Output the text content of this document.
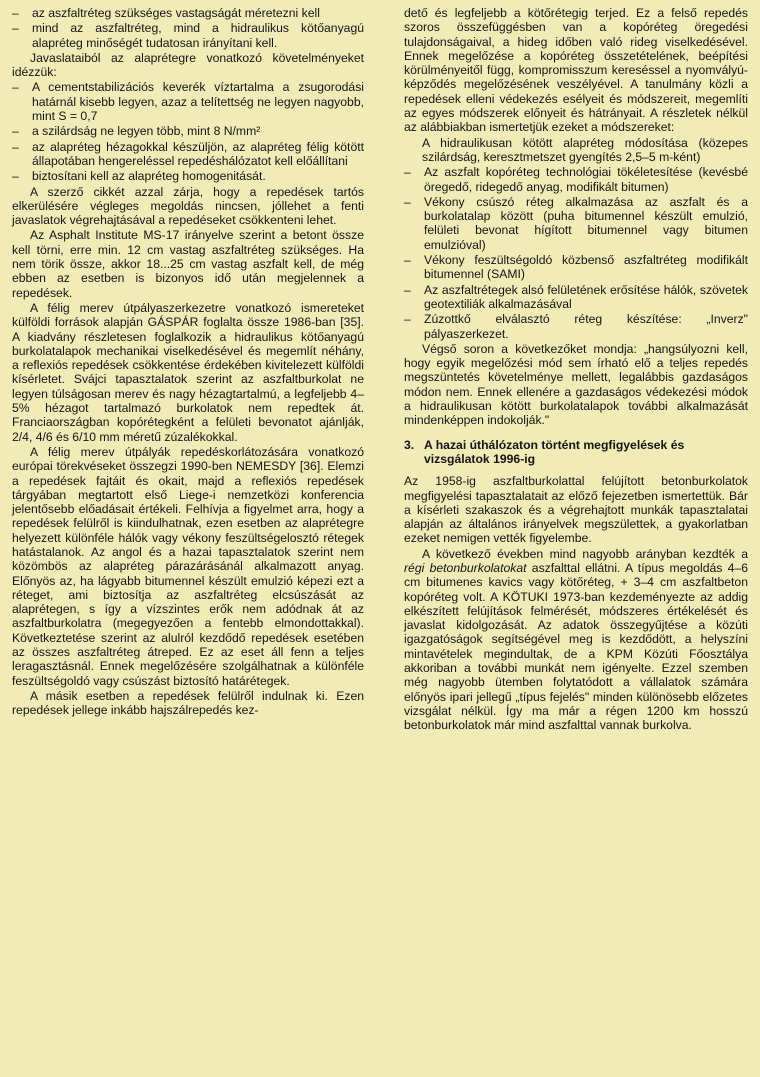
– az aszfaltréteg szükséges vastagságát méretezni kell
– mind az aszfaltréteg, mind a hidraulikus kötőanyagú alapréteg minőségét tudatosan irányítani kell.

Javaslataiból az alaprétegre vonatkozó követelményeket idézzük:

– A cementstabilizációs keverék víztartalma a zsugorodási határnál kisebb legyen, azaz a telítettség ne legyen nagyobb, mint S = 0,7
– a szilárdság ne legyen több, mint 8 N/mm²
– az alapréteg hézagokkal készüljön, az alapréteg félig kötött állapotában hengereléssel repedéshálózatot kell előállítani
– biztosítani kell az alapréteg homogenitását.

A szerző cikkét azzal zárja, hogy a repedések tartós elkerülésére végleges megoldás nincsen, jóllehet a fenti javaslatok végrehajtásával a repedéseket csökkenteni lehet.

Az Asphalt Institute MS-17 irányelve szerint a betont össze kell törni, erre min. 12 cm vastag aszfaltréteg szükséges. Ha nem törik össze, akkor 18...25 cm vastag aszfalt kell, de még ebben az esetben is bizonyos idő után megjelennek a repedések.

A félig merev útpályaszerkezetre vonatkozó ismereteket külföldi források alapján GÁSPÁR foglalta össze 1986-ban [35]. A kiadvány részletesen foglalkozik a hidraulikus kötőanyagú burkolatalapok mechanikai viselkedésével és megemlít néhány, a reflexiós repedések csökkentése érdekében kivitelezett külföldi kísérletet. Svájci tapasztalatok szerint az aszfaltburkolat ne legyen túlságosan merev és nagy hézagtartalmú, a legfeljebb 4–5% hézagot tartalmazó burkolatok nem repedtek át. Franciaországban kopórétegként a felületi bevonatot ajánlják, 2/4, 4/6 és 6/10 mm méretű zúzalékokkal.

A félig merev útpályák repedéskorlátozására vonatkozó európai törekvéseket összegzi 1990-ben NEMESDY [36]. Elemzi a repedések fajtáit és okait, majd a reflexiós repedések tárgyában megtartott első Liege-i nemzetközi konferencia jelentősebb előadásait értékeli. Felhívja a figyelmet arra, hogy a repedések felülről is kiindulhatnak, ezen esetben az alaprétegre helyezett különféle hálók vagy vékony feszültségelosztó rétegek hatástalanok. Az angol és a hazai tapasztalatok szerint nem közömbös az alapréteg párazárásánál alkalmazott anyag. Előnyös az, ha lágyabb bitumennel készült emulzió képezi ezt a réteget, ami biztosítja az aszfaltréteg elcsúszását az alaprétegen, s így a vízszintes erők nem adódnak át az aszfaltburkolatra (megegyezően a fentebb elmondottakkal). Következtetése szerint az alulról kezdődő repedések esetében az összes aszfaltréteg átreped. Ez az eset áll fenn a teljes leragasztásnál. Ennek megelőzésére szolgálhatnak a különféle feszültségoldó vagy csúszást biztosító határétegek.

A másik esetben a repedések felülről indulnak ki. Ezen repedések jellege inkább hajszálrepedés kez-

dető és legfeljebb a kötőrétegig terjed. Ez a felső repedés szoros összefüggésben van a kopóréteg öregedési tulajdonságaival, a hideg időben való rideg viselkedésével. Ennek megelőzése a kopóréteg összetételének, beépítési körülményeitől függ, kompromisszum kereséssel a nyomvályú-képződés megelőzésének veszélyével. A tanulmány közli a repedések elleni védekezés esélyeit és módszereit, megemlíti az egyes módszerek előnyeit és hátrányait. A részletek nélkül az alábbiakban ismertetjük ezeket a módszereket:

A hidraulikusan kötött alapréteg módosítása (közepes szilárdság, keresztmetszet gyengítés 2,5–5 m-ként)

– Az aszfalt kopóréteg technológiai tökéletesítése (kevésbé öregedő, ridegedő anyag, modifikált bitumen)
– Vékony csúszó réteg alkalmazása az aszfalt és a burkolatalap között (puha bitumennel készült emulzió, felületi bevonat hígított bitumennel vagy bitumen emulzióval)
– Vékony feszültségoldó közbenső aszfaltréteg modifikált bitumennel (SAMI)
– Az aszfaltrétegek alsó felületének erősítése hálók, szövetek geotextiliák alkalmazásával
– Zúzottkő elválasztó réteg készítése: „Inverz" pályaszerkezet.

Végső soron a következőket mondja: „hangsúlyozni kell, hogy egyik megelőzési mód sem írható elő a teljes repedés megszüntetés követelménye mellett, legalábbis gazdaságos módon nem. Ennek ellenére a gazdaságos védekezési módok a hidraulikusan kötött burkolatalapok további alkalmazását mindenképpen indokolják."

3. A hazai úthálózaton történt megfigyelések és vizsgálatok 1996-ig

Az 1958-ig aszfaltburkolattal felújított betonburkolatok megfigyelési tapasztalatait az előző fejezetben ismertettük. Bár a kísérleti szakaszok és a végrehajtott munkák tapasztalatai alapján az általános irányelvek megszülettek, a gyakorlatban ezeket nemigen vették figyelembe.

A következő években mind nagyobb arányban kezdték a régi betonburkolatokat aszfalttal ellátni. A típus megoldás 4–6 cm bitumenes kavics vagy kötőréteg, + 3–4 cm aszfaltbeton kopóréteg volt. A KÖTUKI 1973-ban kezdeményezte az addig elkészített felújítások felmérését, módszeres értékelését és javaslat kidolgozását. Az adatok összegyűjtése a közúti igazgatóságok segítségével meg is kezdődött, a helyszíni mintavételek megindultak, de a KPM Közúti Főosztálya akkoriban a további munkát nem igényelte. Ezzel szemben még nagyobb ütemben folytatódott a vállalatok számára előnyös ipari jellegű „típus fejelés" minden különösebb előzetes vizsgálat nélkül. Így ma már a régen 1200 km hosszú betonburkolatok már mind aszfalttal vannak burkolva.
